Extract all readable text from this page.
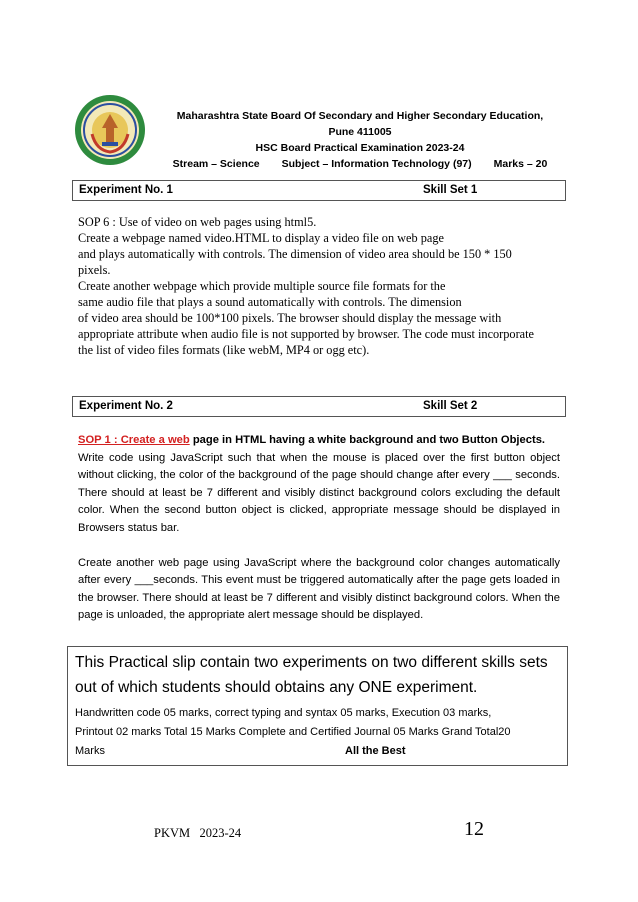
Maharashtra State Board Of Secondary and Higher Secondary Education,
Pune 411005
HSC Board Practical Examination 2023-24
Stream – Science Subject – Information Technology (97) Marks – 20
Experiment No. 1	Skill Set 1
SOP 6 : Use of video on web pages using html5.
Create a webpage named video.HTML to display a video file on web page
and plays automatically with controls. The dimension of video area should be 150 * 150
pixels.
Create another webpage which provide multiple source file formats for the
same audio file that plays a sound automatically with controls. The dimension
of video area should be 100*100 pixels. The browser should display the message with
appropriate attribute when audio file is not supported by browser. The code must incorporate
the list of video files formats (like webM, MP4 or ogg etc).
Experiment No. 2	Skill Set 2

SOP 1 : Create a web page in HTML having a white background and two Button Objects.

Write code using JavaScript such that when the mouse is placed over the first button object without clicking, the color of the background of the page should change after every ___ seconds. There should at least be 7 different and visibly distinct background colors excluding the default color. When the second button object is clicked, appropriate message should be displayed in Browsers status bar.

Create another web page using JavaScript where the background color changes automatically after every ___seconds. This event must be triggered automatically after the page gets loaded in the browser. There should at least be 7 different and visibly distinct background colors. When the page is unloaded, the appropriate alert message should be displayed.

This Practical slip contain two experiments on two different skills sets
out of which students should obtains any ONE experiment.
Handwritten code 05 marks, correct typing and syntax 05 marks, Execution 03 marks,
Printout 02 marks Total 15 Marks Complete and Certified Journal 05 Marks Grand Total20
Marks	All the Best
PKVM   2023-24	12
